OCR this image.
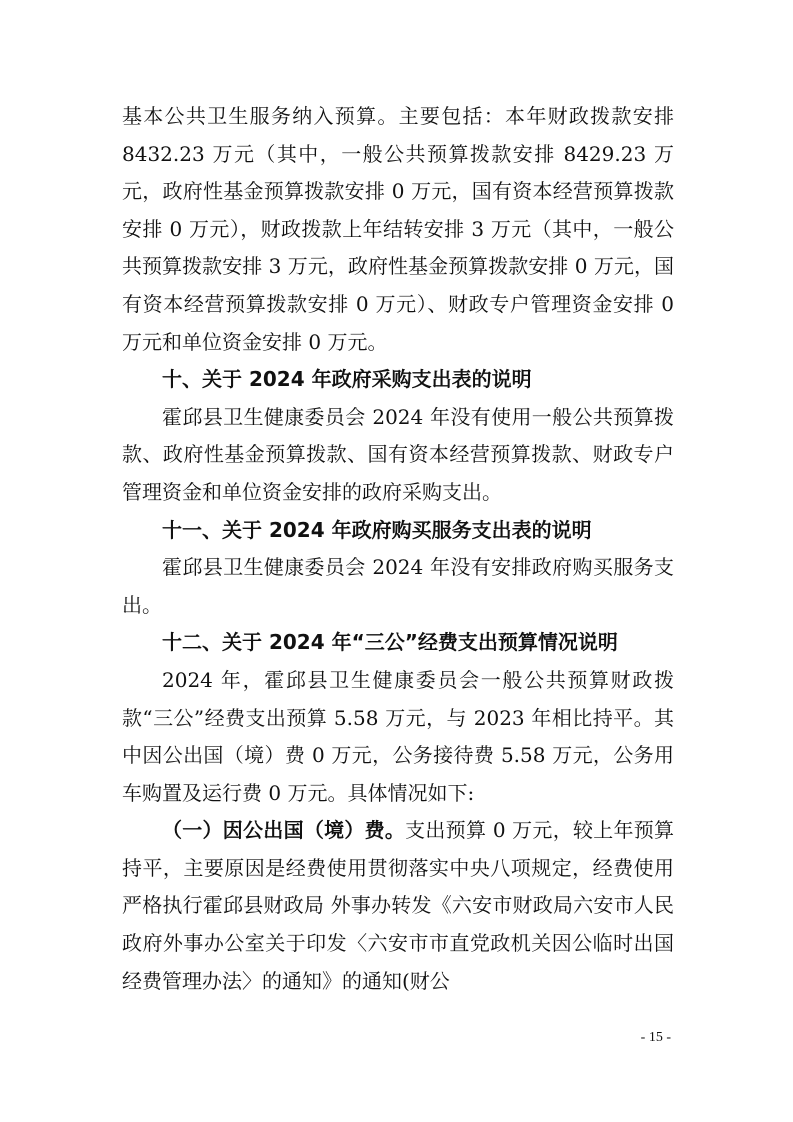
基本公共卫生服务纳入预算。主要包括：本年财政拨款安排 8432.23 万元（其中，一般公共预算拨款安排 8429.23 万元，政府性基金预算拨款安排 0 万元，国有资本经营预算拨款安排 0 万元），财政拨款上年结转安排 3 万元（其中，一般公共预算拨款安排 3 万元，政府性基金预算拨款安排 0 万元，国有资本经营预算拨款安排 0 万元）、财政专户管理资金安排 0 万元和单位资金安排 0 万元。

十、关于 2024 年政府采购支出表的说明

霍邱县卫生健康委员会 2024 年没有使用一般公共预算拨款、政府性基金预算拨款、国有资本经营预算拨款、财政专户管理资金和单位资金安排的政府采购支出。

十一、关于 2024 年政府购买服务支出表的说明

霍邱县卫生健康委员会 2024 年没有安排政府购买服务支出。

十二、关于 2024 年“三公”经费支出预算情况说明

2024 年，霍邱县卫生健康委员会一般公共预算财政拨款“三公”经费支出预算 5.58 万元，与 2023 年相比持平。其中因公出国（境）费 0 万元，公务接待费 5.58 万元，公务用车购置及运行费 0 万元。具体情况如下:

（一）因公出国（境）费。支出预算 0 万元，较上年预算持平，主要原因是经费使用贯彻落实中央八项规定，经费使用严格执行霍邱县财政局 外事办转发《六安市财政局六安市人民政府外事办公室关于印发〈六安市市直党政机关因公临时出国经费管理办法〉的通知》的通知(财公

- 15 -
